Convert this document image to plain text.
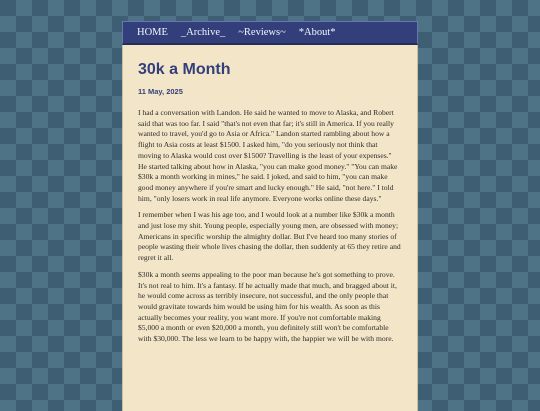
HOME _Archive_ ~Reviews~ *About*
30k a Month
11 May, 2025

I had a conversation with Landon. He said he wanted to move to Alaska, and Robert said that was too far. I said "that's not even that far; it's still in America. If you really wanted to travel, you'd go to Asia or Africa." Landon started rambling about how a flight to Asia costs at least $1500. I asked him, "do you seriously not think that moving to Alaska would cost over $1500? Travelling is the least of your expenses." He started talking about how in Alaska, "you can make good money." "You can make $30k a month working in mines," he said. I joked, and said to him, "you can make good money anywhere if you're smart and lucky enough." He said, "not here." I told him, "only losers work in real life anymore. Everyone works online these days."

I remember when I was his age too, and I would look at a number like $30k a month and just lose my shit. Young people, especially young men, are obsessed with money; Americans in specific worship the almighty dollar. But I've heard too many stories of people wasting their whole lives chasing the dollar, then suddenly at 65 they retire and regret it all.

$30k a month seems appealing to the poor man because he's got something to prove. It's not real to him. It's a fantasy. If he actually made that much, and bragged about it, he would come across as terribly insecure, not successful, and the only people that would gravitate towards him would be using him for his wealth. As soon as this actually becomes your reality, you want more. If you're not comfortable making $5,000 a month or even $20,000 a month, you definitely still won't be comfortable with $30,000. The less we learn to be happy with, the happier we will be with more.
